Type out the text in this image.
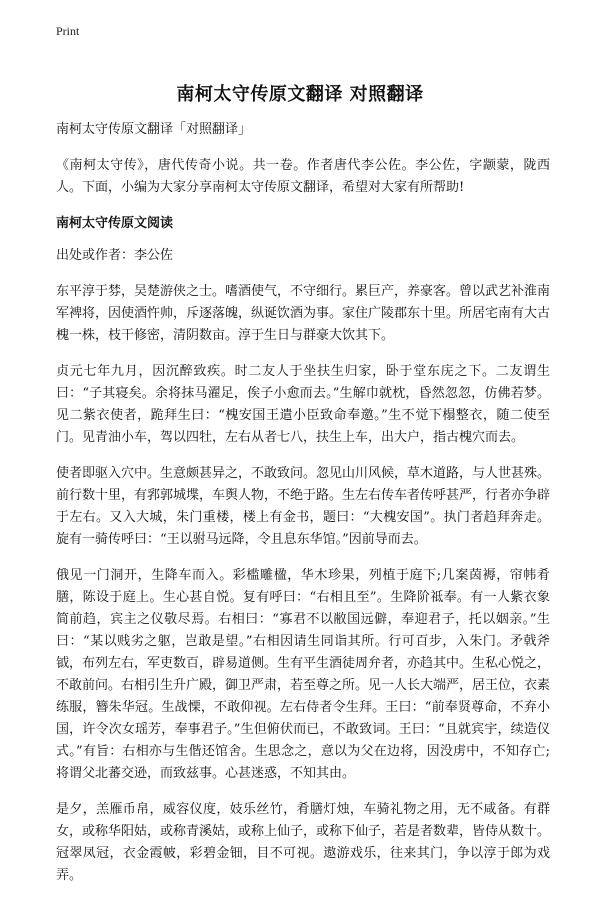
Print
南柯太守传原文翻译 对照翻译

南柯太守传原文翻译「对照翻译」

《南柯太守传》，唐代传奇小说。共一卷。作者唐代李公佐。李公佐，字颛蒙，陇西人。下面，小编为大家分享南柯太守传原文翻译，希望对大家有所帮助!

南柯太守传原文阅读

出处或作者：李公佐

东平淳于棼，吴楚游侠之士。嗜酒使气，不守细行。累巨产，养豪客。曾以武艺补淮南军裨将，因使酒忤帅，斥逐落魄，纵诞饮酒为事。家住广陵郡东十里。所居宅南有大古槐一株，枝干修密，清阴数亩。淳于生日与群豪大饮其下。

贞元七年九月，因沉醉致疾。时二友人于坐扶生归家，卧于堂东庑之下。二友谓生曰：“子其寝矣。余将抹马濯足，俟子小愈而去。”生解巾就枕，昏然忽忽，仿佛若梦。见二紫衣使者，跪拜生曰：“槐安国王遣小臣致命奉邀。”生不觉下榻整衣，随二使至门。见青油小车，驾以四牡，左右从者七八，扶生上车，出大户，指古槐穴而去。

使者即驱入穴中。生意颇甚异之，不敢致问。忽见山川风候，草木道路，与人世甚殊。前行数十里，有郛郭城堞，车舆人物，不绝于路。生左右传车者传呼甚严，行者亦争辟于左右。又入大城，朱门重楼，楼上有金书，题曰：“大槐安国”。执门者趋拜奔走。旋有一骑传呼曰：“王以驸马远降，令且息东华馆。”因前导而去。

俄见一门洞开，生降车而入。彩槛雕楹，华木珍果，列植于庭下;几案茵褥，帘帏肴膳，陈设于庭上。生心甚自悦。复有呼曰：“右相且至”。生降阶祗奉。有一人紫衣象简前趋，宾主之仪敬尽焉。右相曰：“寡君不以敝国远僻，奉迎君子，托以姻亲。”生曰：“某以贱劣之躯，岂敢是望。”右相因请生同诣其所。行可百步，入朱门。矛戟斧钺，布列左右，军吏数百，辟易道侧。生有平生酒徒周弁者，亦趋其中。生私心悦之，不敢前问。右相引生升广殿，御卫严肃，若至尊之所。见一人长大端严，居王位，衣素练服，簪朱华冠。生战慄，不敢仰视。左右侍者令生拜。王曰：“前奉贤尊命，不弃小国，许令次女瑶芳，奉事君子。”生但俯伏而已，不敢致词。王曰：“且就宾宇，续造仪式。”有旨：右相亦与生偕还馆舍。生思念之，意以为父在边将，因没虏中，不知存亡;将谓父北蕃交逊，而致兹事。心甚迷惑，不知其由。

是夕，羔雁币帛，威容仪度，妓乐丝竹，肴膳灯烛，车骑礼物之用，无不咸备。有群女，或称华阳姑，或称青溪姑，或称上仙子，或称下仙子，若是者数辈，皆侍从数十。冠翠凤冠，衣金霞帔，彩碧金钿，目不可视。遨游戏乐，往来其门，争以淳于郎为戏弄。
